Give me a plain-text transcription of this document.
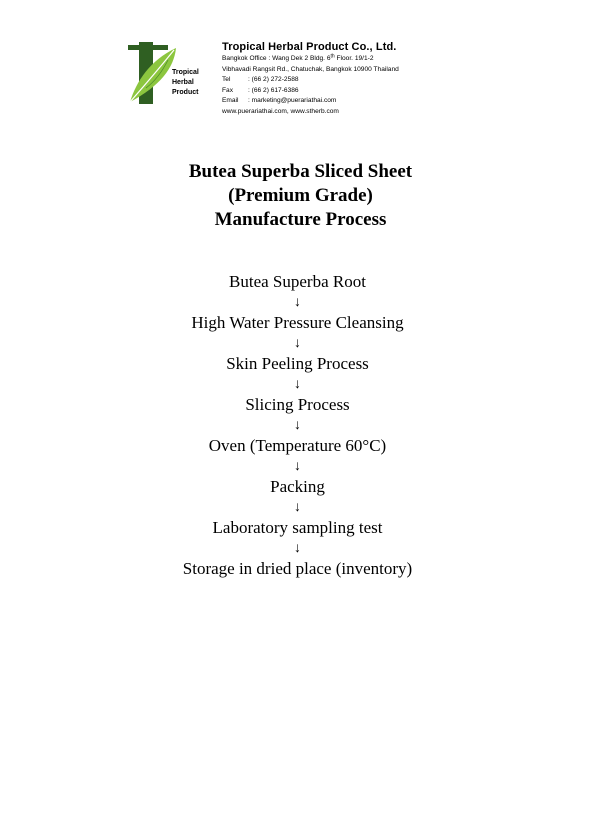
Tropical
Herbal
Product
Tropical Herbal Product Co., Ltd.
Bangkok Office : Wang Dek 2 Bldg. 6th Floor. 19/1-2
Vibhavadi Rangsit Rd., Chatuchak, Bangkok 10900 Thailand
Tel	: (66 2) 272-2588
Fax : (66 2) 617-6386
Email : marketing@puerariathai.com
www.puerariathai.com, www.stherb.com
Butea Superba Sliced Sheet
(Premium Grade)
Manufacture Process
Butea Superba Root
↓
High Water Pressure Cleansing
↓
Skin Peeling Process
↓
Slicing Process
↓
Oven (Temperature 60°C)
↓
Packing
↓
Laboratory sampling test
↓
Storage in dried place (inventory)
